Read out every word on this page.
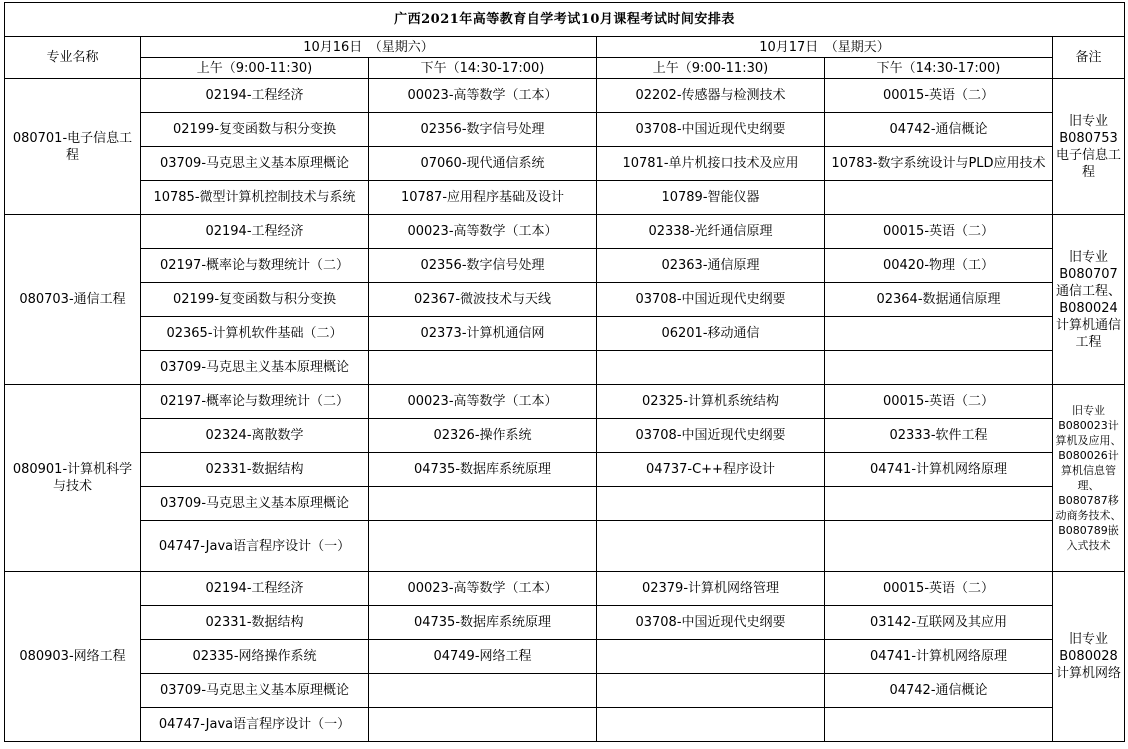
广西2021年高等教育自学考试10月课程考试时间安排表					
专业名称	10月16日　（星期六）		10月17日　（星期天）		备注
	上午（9:00-11:30)	下午（14:30-17:00)	上午（9:00-11:30)	下午（14:30-17:00)	
080701-电子信息工程	02194-工程经济	00023-高等数学（工本）	02202-传感器与检测技术	00015-英语（二）	旧专业B080753电子信息工程
	02199-复变函数与积分变换	02356-数字信号处理	03708-中国近现代史纲要	04742-通信概论	
	03709-马克思主义基本原理概论	07060-现代通信系统	10781-单片机接口技术及应用	10783-数字系统设计与PLD应用技术	
	10785-微型计算机控制技术与系统	10787-应用程序基础及设计	10789-智能仪器		
080703-通信工程	02194-工程经济	00023-高等数学（工本）	02338-光纤通信原理	00015-英语（二）	旧专业B080707通信工程、B080024计算机通信工程
	02197-概率论与数理统计（二）	02356-数字信号处理	02363-通信原理	00420-物理（工）	
	02199-复变函数与积分变换	02367-微波技术与天线	03708-中国近现代史纲要	02364-数据通信原理	
	02365-计算机软件基础（二）	02373-计算机通信网	06201-移动通信		
	03709-马克思主义基本原理概论				
080901-计算机科学与技术	02197-概率论与数理统计（二）	00023-高等数学（工本）	02325-计算机系统结构	00015-英语（二）	旧专业B080023计算机及应用、B080026计算机信息管理、B080787移动商务技术、B080789嵌入式技术
	02324-离散数学	02326-操作系统	03708-中国近现代史纲要	02333-软件工程	
	02331-数据结构	04735-数据库系统原理	04737-C++程序设计	04741-计算机网络原理	
	03709-马克思主义基本原理概论				
	04747-Java语言程序设计（一）				
080903-网络工程	02194-工程经济	00023-高等数学（工本）	02379-计算机网络管理	00015-英语（二）	旧专业B080028计算机网络
	02331-数据结构	04735-数据库系统原理	03708-中国近现代史纲要	03142-互联网及其应用	
	02335-网络操作系统	04749-网络工程		04741-计算机网络原理	
	03709-马克思主义基本原理概论			04742-通信概论	
	04747-Java语言程序设计（一）				
